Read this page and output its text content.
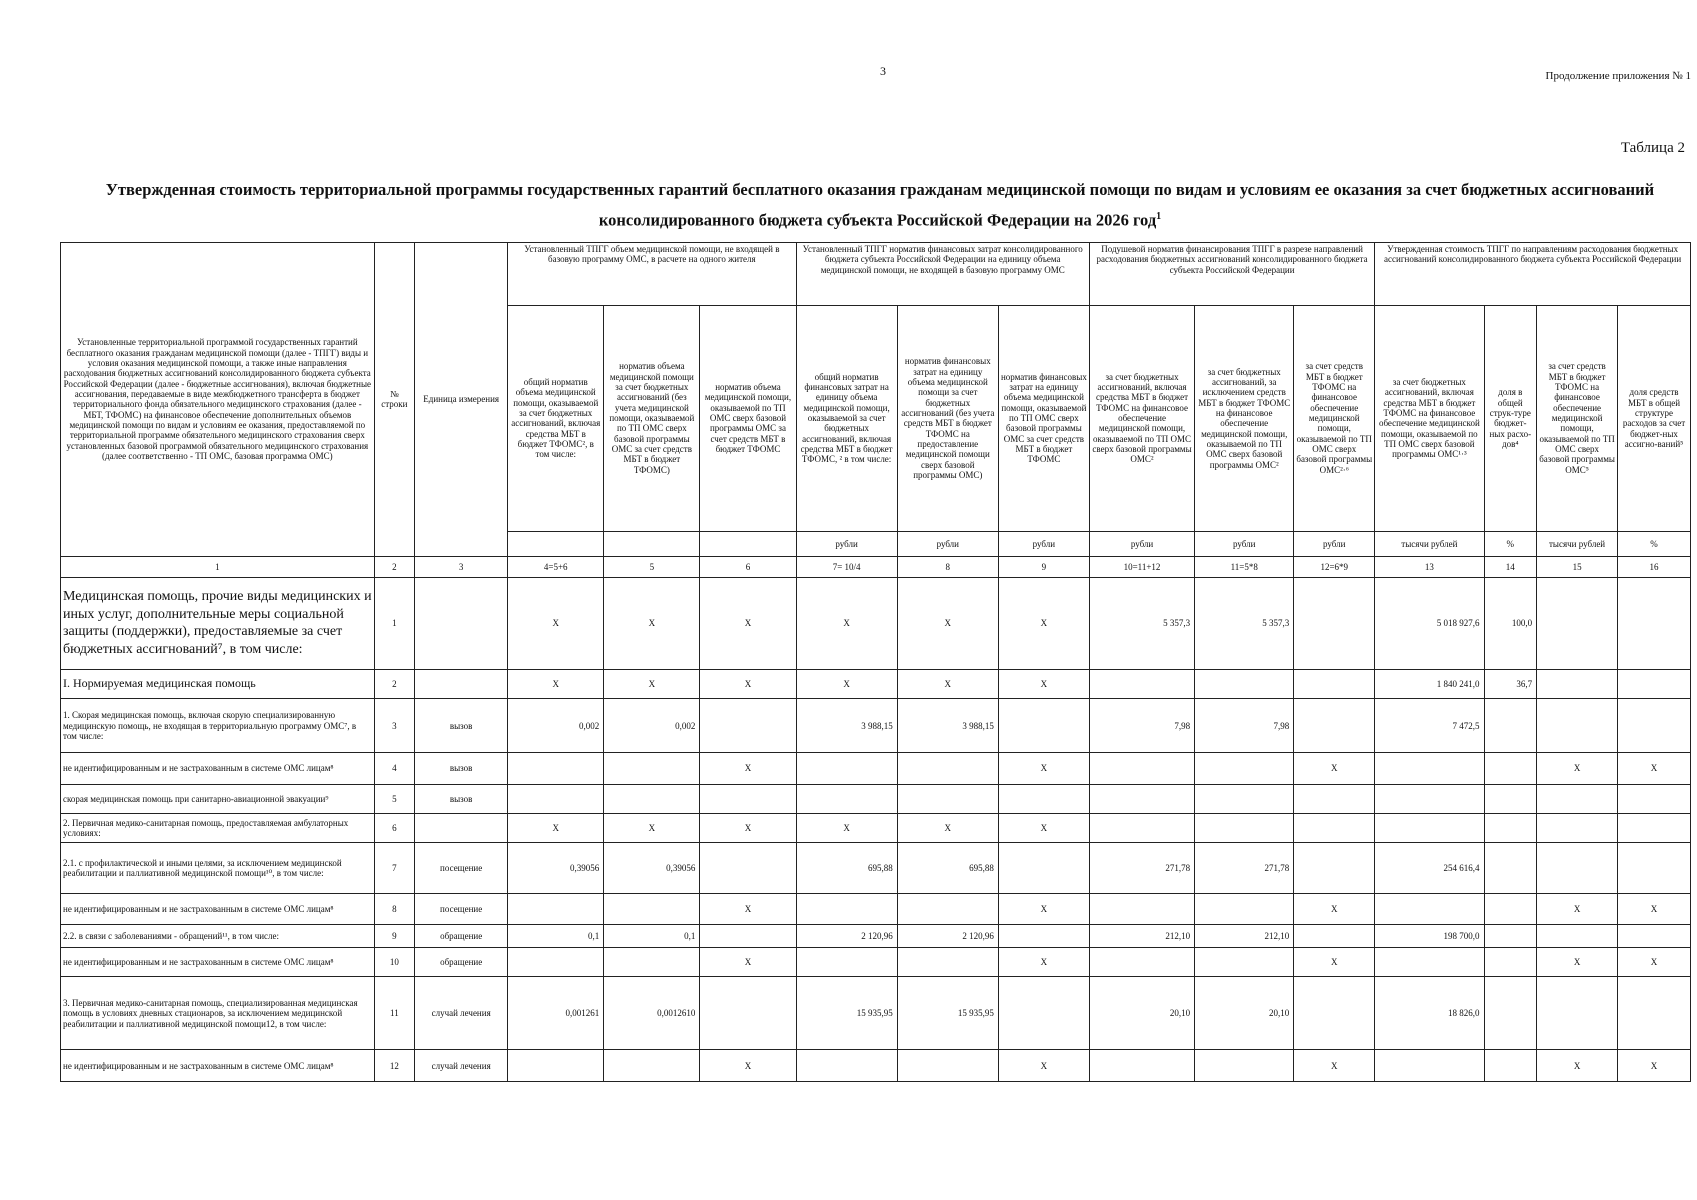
3	Продолжение приложения № 1
Таблица 2
Утвержденная стоимость территориальной программы государственных гарантий бесплатного оказания гражданам медицинской помощи по видам и условиям ее оказания за счет бюджетных ассигнований
консолидированного бюджета субъекта Российской Федерации на 2026 год$^1$
Установленные территориальной программой государственных гарантий бесплатного оказания гражданам медицинской помощи (далее - ТПГГ) виды и условия оказания медицинской помощи, а также иные направления расходования бюджетных ассигнований консолидированного бюджета субъекта Российской Федерации (далее - бюджетные ассигнования), включая бюджетные ассигнования, передаваемые в виде межбюджетного трансферта в бюджет территориального фонда обязательного медицинского страхования (далее - МБТ, ТФОМС) на финансовое обеспечение дополнительных объемов медицинской помощи по видам и условиям ее оказания, предоставляемой по территориальной программе обязательного медицинского страхования сверх установленных базовой программой обязательного медицинского страхования (далее соответственно - ТП ОМС, базовая программа ОМС)	№ строки	Единица измерения	Установленный ТПГГ объем медицинской помощи, не входящей в базовую программу ОМС, в расчете на одного жителя			Установленный ТПГГ норматив финансовых затрат консолидированного бюджета субъекта Российской Федерации на единицу объема медицинской помощи, не входящей в базовую программу ОМС			Подушевой норматив финансирования ТПГГ в разрезе направлений расходования бюджетных ассигнований консолидированного бюджета субъекта Российской Федерации			Утвержденная стоимость ТПГГ по направлениям расходования бюджетных ассигнований консолидированного бюджета субъекта Российской Федерации			
			общий норматив объема медицинской помощи, оказываемой за счет бюджетных ассигнований, включая средства МБТ в бюджет ТФОМС², в том числе:	норматив объема медицинской помощи за счет бюджетных ассигнований (без учета медицинской помощи, оказываемой по ТП ОМС сверх базовой программы ОМС за счет средств МБТ в бюджет ТФОМС)	норматив объема медицинской помощи, оказываемой по ТП ОМС сверх базовой программы ОМС за счет средств МБТ в бюджет ТФОМС	общий норматив финансовых затрат на единицу объема медицинской помощи, оказываемой за счет бюджетных ассигнований, включая средства МБТ в бюджет ТФОМС, ² в том числе:	норматив финансовых затрат на единицу объема медицинской помощи за счет бюджетных ассигнований (без учета средств МБТ в бюджет ТФОМС на предоставление медицинской помощи сверх базовой программы ОМС)	норматив финансовых затрат на единицу объема медицинской помощи, оказываемой по ТП ОМС сверх базовой программы ОМС за счет средств МБТ в бюджет ТФОМС	за счет бюджетных ассигнований, включая средства МБТ в бюджет ТФОМС на финансовое обеспечение медицинской помощи, оказываемой по ТП ОМС сверх базовой программы ОМС²	за счет бюджетных ассигнований, за исключением средств МБТ в бюджет ТФОМС на финансовое обеспечение медицинской помощи, оказываемой по ТП ОМС сверх базовой программы ОМС²	за счет средств МБТ в бюджет ТФОМС на финансовое обеспечение медицинской помощи, оказываемой по ТП ОМС сверх базовой программы ОМС²·⁶	за счет бюджетных ассигнований, включая средства МБТ в бюджет ТФОМС на финансовое обеспечение медицинской помощи, оказываемой по ТП ОМС сверх базовой программы ОМС¹·³	доля в общей струк-туре бюджет-ных расхо-дов⁴	за счет средств МБТ в бюджет ТФОМС на финансовое обеспечение медицинской помощи, оказываемой по ТП ОМС сверх базовой программы ОМС⁵	доля средств МБТ в общей структуре расходов за счет бюджет-ных ассигно-ваний⁵
						рубли	рубли	рубли	рубли	рубли	рубли	тысячи рублей	%	тысячи рублей	%
1	2	3	4=5+6	5	6	7= 10/4	8	9	10=11+12	11=5*8	12=6*9	13	14	15	16
Медицинская помощь, прочие виды медицинских и иных услуг, дополнительные меры социальной защиты (поддержки), предоставляемые за счет бюджетных ассигнований⁷, в том числе:	1		X	X	X	X	X	X	5 357,3	5 357,3		5 018 927,6	100,0		
I. Нормируемая медицинская помощь	2		X	X	X	X	X	X				1 840 241,0	36,7		
1. Скорая медицинская помощь, включая скорую специализированную медицинскую помощь, не входящая в территориальную программу ОМС⁷, в том числе:	3	вызов	0,002	0,002		3 988,15	3 988,15		7,98	7,98		7 472,5			
не идентифицированным и не застрахованным в системе ОМС лицам⁸	4	вызов			X			X			X			X	X
скорая медицинская помощь при санитарно-авиационной эвакуации⁹	5	вызов													
2. Первичная медико-санитарная помощь, предоставляемая амбулаторных условиях:	6		X	X	X	X	X	X							
2.1. с профилактической и иными целями, за исключением медицинской реабилитации и паллиативной медицинской помощи¹⁰, в том числе:	7	посещение	0,39056	0,39056		695,88	695,88		271,78	271,78		254 616,4			
не идентифицированным и не застрахованным в системе ОМС лицам⁸	8	посещение			X			X			X			X	X
2.2. в связи с заболеваниями - обращений¹¹, в том числе:	9	обращение	0,1	0,1		2 120,96	2 120,96		212,10	212,10		198 700,0			
не идентифицированным и не застрахованным в системе ОМС лицам⁸	10	обращение			X			X			X			X	X
3. Первичная медико-санитарная помощь, специализированная медицинская помощь в условиях дневных стационаров, за исключением медицинской реабилитации и паллиативной медицинской помощи12, в том числе:	11	случай лечения	0,001261	0,0012610		15 935,95	15 935,95		20,10	20,10		18 826,0			
не идентифицированным и не застрахованным в системе ОМС лицам⁸	12	случай лечения			X			X			X			X	X
